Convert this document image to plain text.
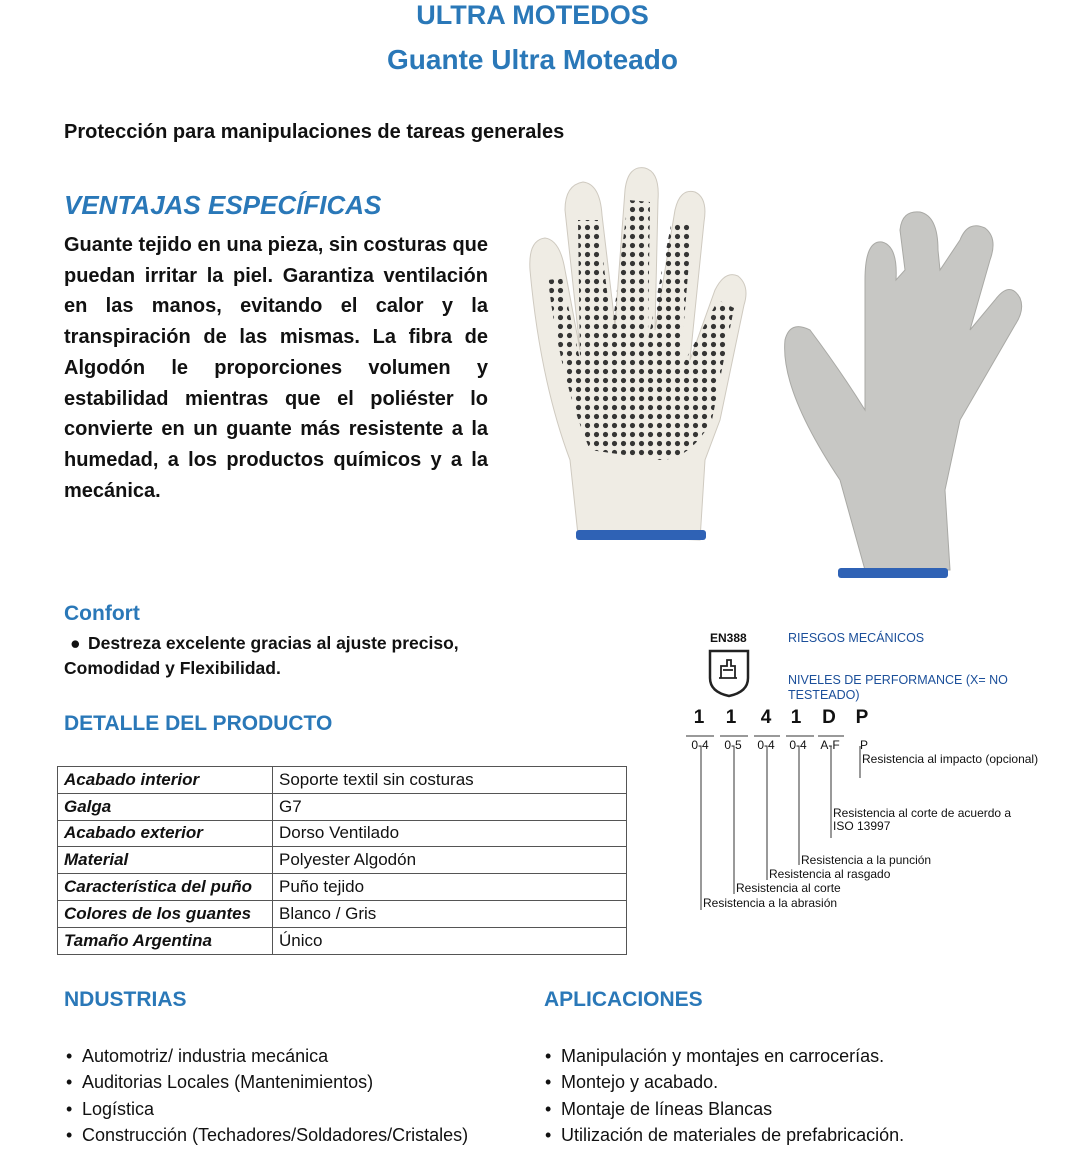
ULTRA MOTEDOS
Guante Ultra Moteado
Protección para manipulaciones de tareas generales
VENTAJAS ESPECÍFICAS
Guante tejido en una pieza, sin costuras que puedan irritar la piel. Garantiza ventilación en las manos, evitando el calor y la transpiración de las mismas. La fibra de Algodón le proporciones volumen y estabilidad mientras que el poliéster lo convierte en un guante más resistente a la humedad, a los productos químicos y a la mecánica.
Confort
● Destreza excelente gracias al ajuste preciso,
Comodidad y Flexibilidad.
DETALLE DEL PRODUCTO
Acabado interior	Soporte textil sin costuras
Galga	G7
Acabado exterior	Dorso Ventilado
Material	Polyester Algodón
Característica del puño	Puño tejido
Colores de los guantes	Blanco / Gris
Tamaño Argentina	Único
EN388	RIESGOS MECÁNICOS
NIVELES DE PERFORMANCE (X= NO TESTEADO)
1	1	4	1	D	P
0-4	0-5	0-4	0-4	A-F	P
Resistencia al impacto (opcional)
Resistencia al corte de acuerdo a ISO 13997
Resistencia a la punción
Resistencia al rasgado
Resistencia al corte
Resistencia a la abrasión
NDUSTRIAS
• Automotriz/ industria mecánica
• Auditorias Locales (Mantenimientos)
• Logística
• Construcción (Techadores/Soldadores/Cristales)
APLICACIONES
• Manipulación y montajes en carrocerías.
• Montejo y acabado.
• Montaje de líneas Blancas
• Utilización de materiales de prefabricación.
